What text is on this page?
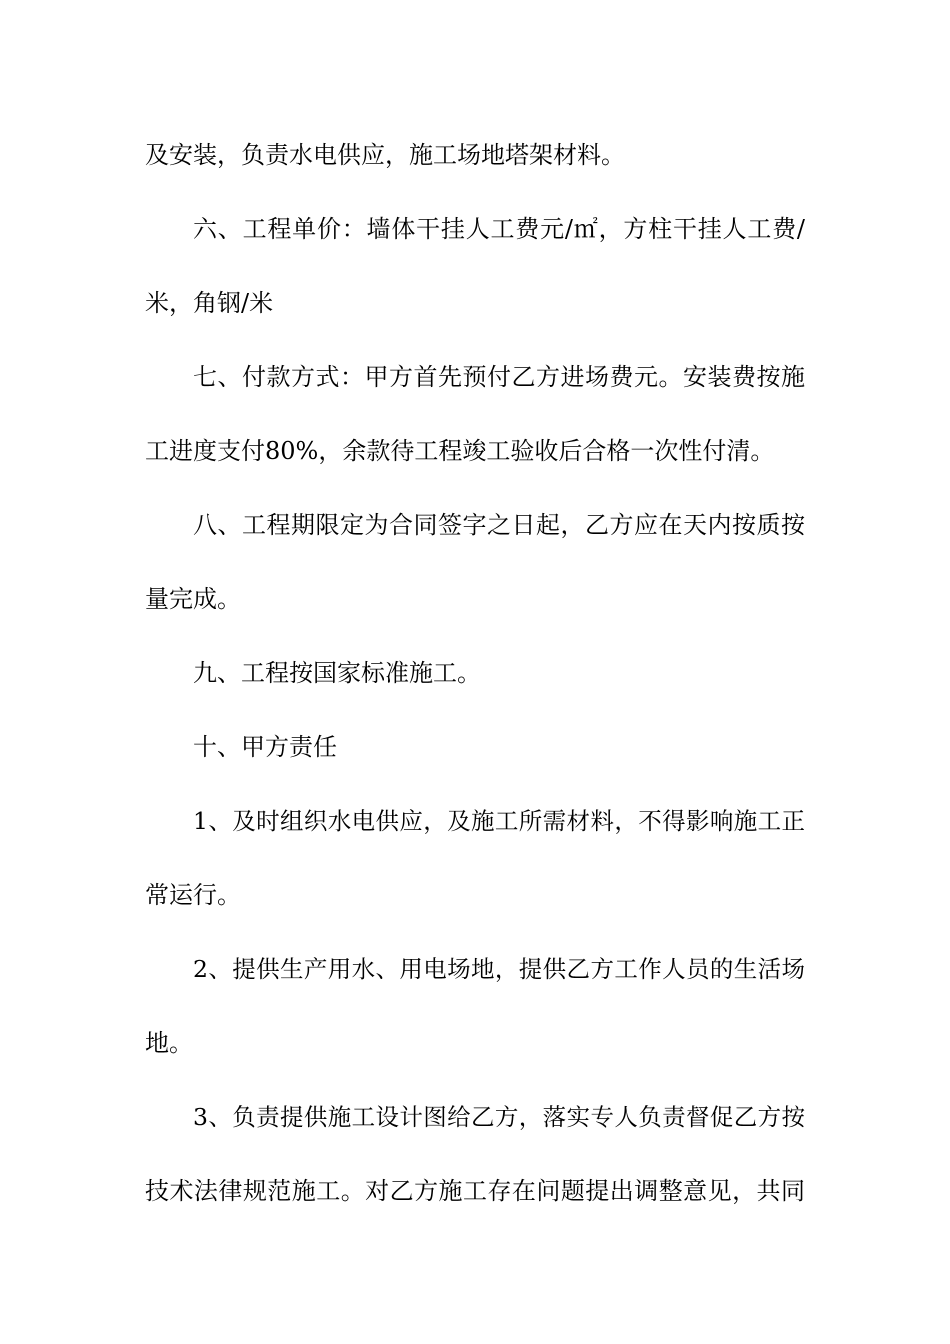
及安装，负责水电供应，施工场地塔架材料。
六、工程单价：墙体干挂人工费元/㎡，方柱干挂人工费/
米，角钢/米
七、付款方式：甲方首先预付乙方进场费元。安装费按施
工进度支付80%，余款待工程竣工验收后合格一次性付清。
八、工程期限定为合同签字之日起，乙方应在天内按质按
量完成。
九、工程按国家标准施工。
十、甲方责任
1、及时组织水电供应，及施工所需材料，不得影响施工正
常运行。
2、提供生产用水、用电场地，提供乙方工作人员的生活场
地。
3、负责提供施工设计图给乙方，落实专人负责督促乙方按
技术法律规范施工。对乙方施工存在问题提出调整意见，共同
